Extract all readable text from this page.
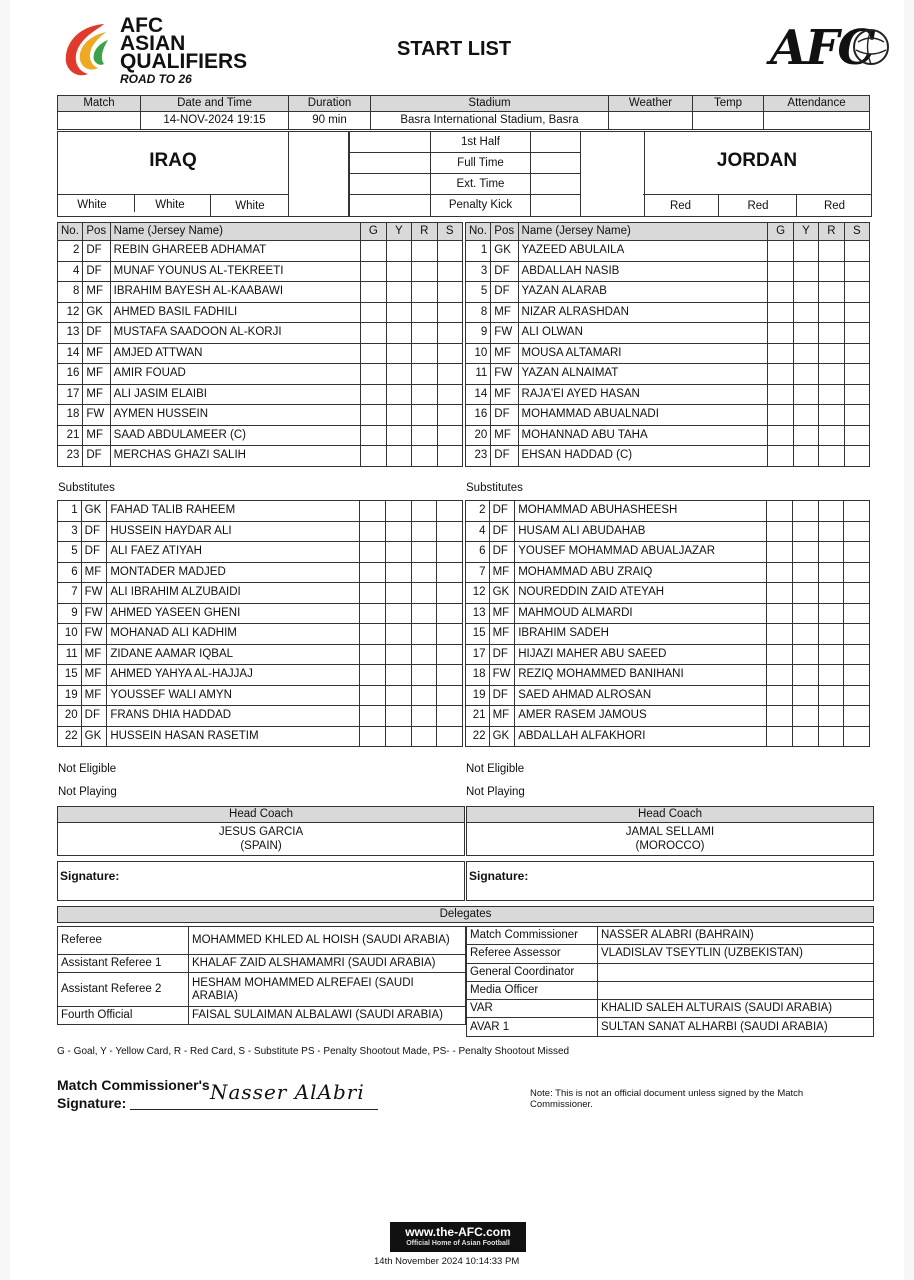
AFC
ASIAN
QUALIFIERS
ROAD TO 26
START LIST	AFC
Match	Date and Time	Duration	Stadium	Weather	Temp	Attendance
	14-NOV-2024 19:15	90 min	Basra International Stadium, Basra			
IRAQ
	1st Half	
	Full Time	
	Ext. Time	
	Penalty Kick	
JORDAN
White	White	White	Red	Red	Red
No.	Pos	Name (Jersey Name)	G	Y	R	S
2	DF	REBIN GHAREEB ADHAMAT				
4	DF	MUNAF YOUNUS AL-TEKREETI				
8	MF	IBRAHIM BAYESH AL-KAABAWI				
12	GK	AHMED BASIL FADHILI				
13	DF	MUSTAFA SAADOON AL-KORJI				
14	MF	AMJED ATTWAN				
16	MF	AMIR FOUAD				
17	MF	ALI JASIM ELAIBI				
18	FW	AYMEN HUSSEIN				
21	MF	SAAD ABDULAMEER (C)				
23	DF	MERCHAS GHAZI SALIH				
Substitutes
1	GK	FAHAD TALIB RAHEEM				
3	DF	HUSSEIN HAYDAR ALI				
5	DF	ALI FAEZ ATIYAH				
6	MF	MONTADER MADJED				
7	FW	ALI IBRAHIM ALZUBAIDI				
9	FW	AHMED YASEEN GHENI				
10	FW	MOHANAD ALI KADHIM				
11	MF	ZIDANE AAMAR IQBAL				
15	MF	AHMED YAHYA AL-HAJJAJ				
19	MF	YOUSSEF WALI AMYN				
20	DF	FRANS DHIA HADDAD				
22	GK	HUSSEIN HASAN RASETIM				
No.	Pos	Name (Jersey Name)	G	Y	R	S
1	GK	YAZEED ABULAILA				
3	DF	ABDALLAH NASIB				
5	DF	YAZAN ALARAB				
8	MF	NIZAR ALRASHDAN				
9	FW	ALI OLWAN				
10	MF	MOUSA ALTAMARI				
11	FW	YAZAN ALNAIMAT				
14	MF	RAJA'EI AYED HASAN				
16	DF	MOHAMMAD ABUALNADI				
20	MF	MOHANNAD ABU TAHA				
23	DF	EHSAN HADDAD (C)				
Substitutes
2	DF	MOHAMMAD ABUHASHEESH				
4	DF	HUSAM ALI ABUDAHAB				
6	DF	YOUSEF MOHAMMAD ABUALJAZAR				
7	MF	MOHAMMAD ABU ZRAIQ				
12	GK	NOUREDDIN ZAID ATEYAH				
13	MF	MAHMOUD ALMARDI				
15	MF	IBRAHIM SADEH				
17	DF	HIJAZI MAHER ABU SAEED				
18	FW	REZIQ MOHAMMED BANIHANI				
19	DF	SAED AHMAD ALROSAN				
21	MF	AMER RASEM JAMOUS				
22	GK	ABDALLAH ALFAKHORI				
Not Eligible	Not Eligible
Not Playing	Not Playing
Head Coach

JESUS GARCIA
(SPAIN)
Head Coach

JAMAL SELLAMI
(MOROCCO)
Signature:	Signature:
Delegates
Referee	MOHAMMED KHLED AL HOISH (SAUDI ARABIA)
Assistant Referee 1	KHALAF ZAID ALSHAMAMRI (SAUDI ARABIA)
Assistant Referee 2	HESHAM MOHAMMED ALREFAEI (SAUDI ARABIA)
Fourth Official	FAISAL SULAIMAN ALBALAWI (SAUDI ARABIA)
Match Commissioner	NASSER ALABRI (BAHRAIN)
Referee Assessor	VLADISLAV TSEYTLIN (UZBEKISTAN)
General Coordinator	
Media Officer	
VAR	KHALID SALEH ALTURAIS (SAUDI ARABIA)
AVAR 1	SULTAN SANAT ALHARBI (SAUDI ARABIA)
G - Goal, Y - Yellow Card, R - Red Card, S - Substitute PS - Penalty Shootout Made, PS- - Penalty Shootout Missed
Match Commissioner's
Signature:	Nasser AlAbri	Note: This is not an official document unless signed by the Match Commissioner.
www.the-AFC.com
Official Home of Asian Football
14th November 2024 10:14:33 PM
